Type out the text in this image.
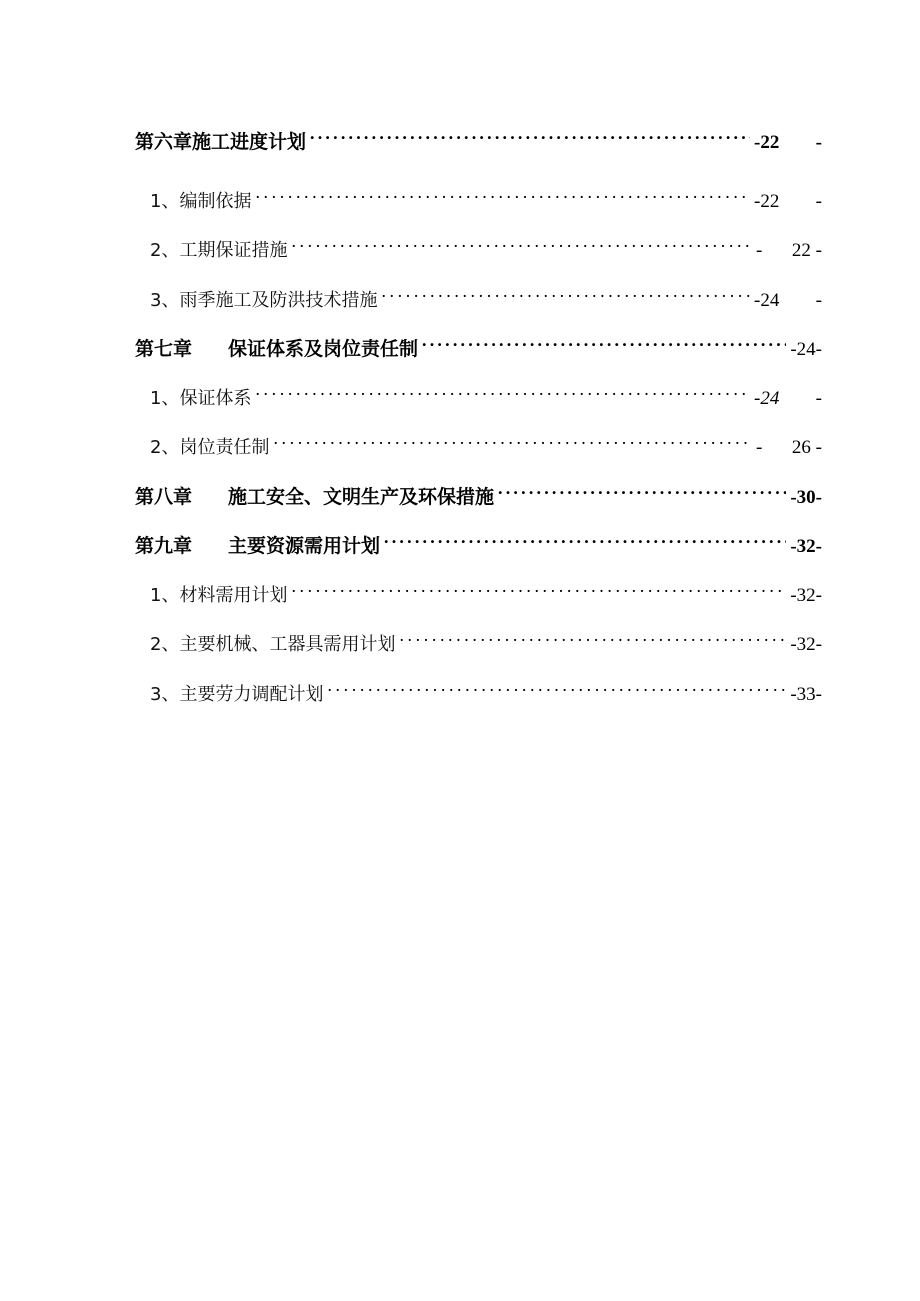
第六章施工进度计划 .....	-22 -
1、编制依据 .....	-22 -
2、工期保证措施 .....	- 22 -
3、雨季施工及防洪技术措施 .....	-24 -
第七章	保证体系及岗位责任制 .....	-24-
1、保证体系 .....	-24 -
2、岗位责任制 .....	- 26 -
第八章	施工安全、文明生产及环保措施 .....	-30-
第九章	主要资源需用计划 .....	-32-
1、材料需用计划 .....	-32-
2、主要机械、工器具需用计划 .....	-32-
3、主要劳力调配计划 .....	-33-
